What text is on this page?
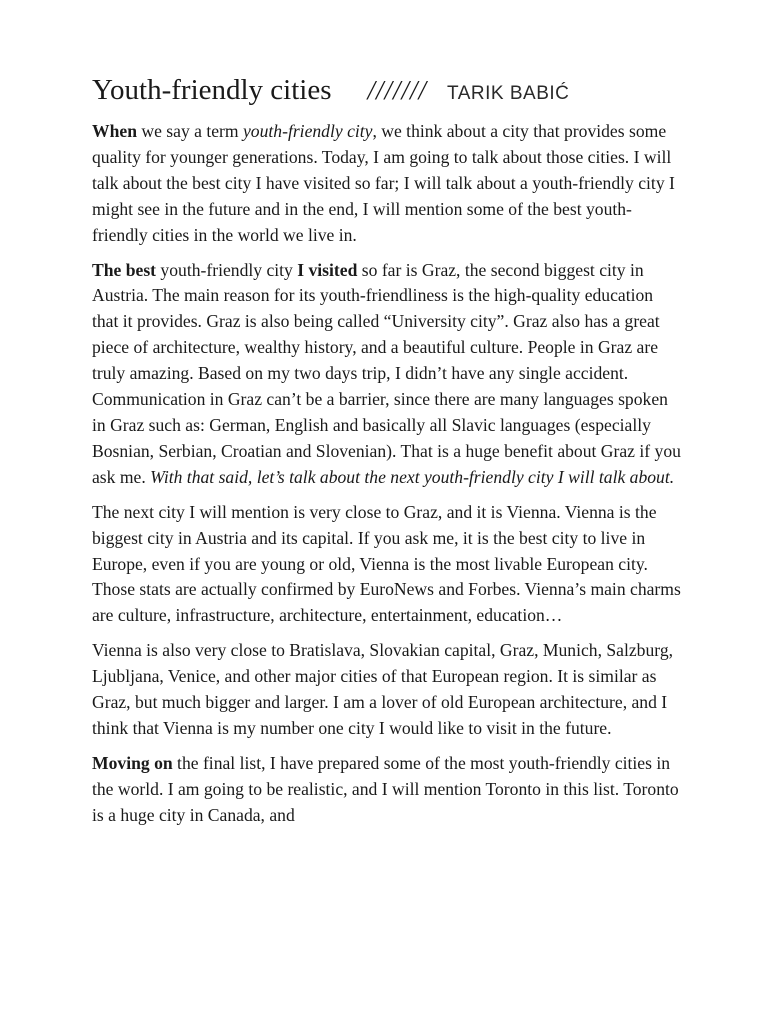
Youth-friendly cities /////// TARIK BABIĆ

When we say a term youth-friendly city, we think about a city that provides some quality for younger generations. Today, I am going to talk about those cities. I will talk about the best city I have visited so far; I will talk about a youth-friendly city I might see in the future and in the end, I will mention some of the best youth-friendly cities in the world we live in.

The best youth-friendly city I visited so far is Graz, the second biggest city in Austria. The main reason for its youth-friendliness is the high-quality education that it provides. Graz is also being called “University city”. Graz also has a great piece of architecture, wealthy history, and a beautiful culture. People in Graz are truly amazing. Based on my two days trip, I didn’t have any single accident. Communication in Graz can’t be a barrier, since there are many languages spoken in Graz such as: German, English and basically all Slavic languages (especially Bosnian, Serbian, Croatian and Slovenian). That is a huge benefit about Graz if you ask me. With that said, let’s talk about the next youth-friendly city I will talk about.

The next city I will mention is very close to Graz, and it is Vienna. Vienna is the biggest city in Austria and its capital. If you ask me, it is the best city to live in Europe, even if you are young or old, Vienna is the most livable European city. Those stats are actually confirmed by EuroNews and Forbes. Vienna’s main charms are culture, infrastructure, architecture, entertainment, education…

Vienna is also very close to Bratislava, Slovakian capital, Graz, Munich, Salzburg, Ljubljana, Venice, and other major cities of that European region. It is similar as Graz, but much bigger and larger. I am a lover of old European architecture, and I think that Vienna is my number one city I would like to visit in the future.

Moving on the final list, I have prepared some of the most youth-friendly cities in the world. I am going to be realistic, and I will mention Toronto in this list. Toronto is a huge city in Canada, and
